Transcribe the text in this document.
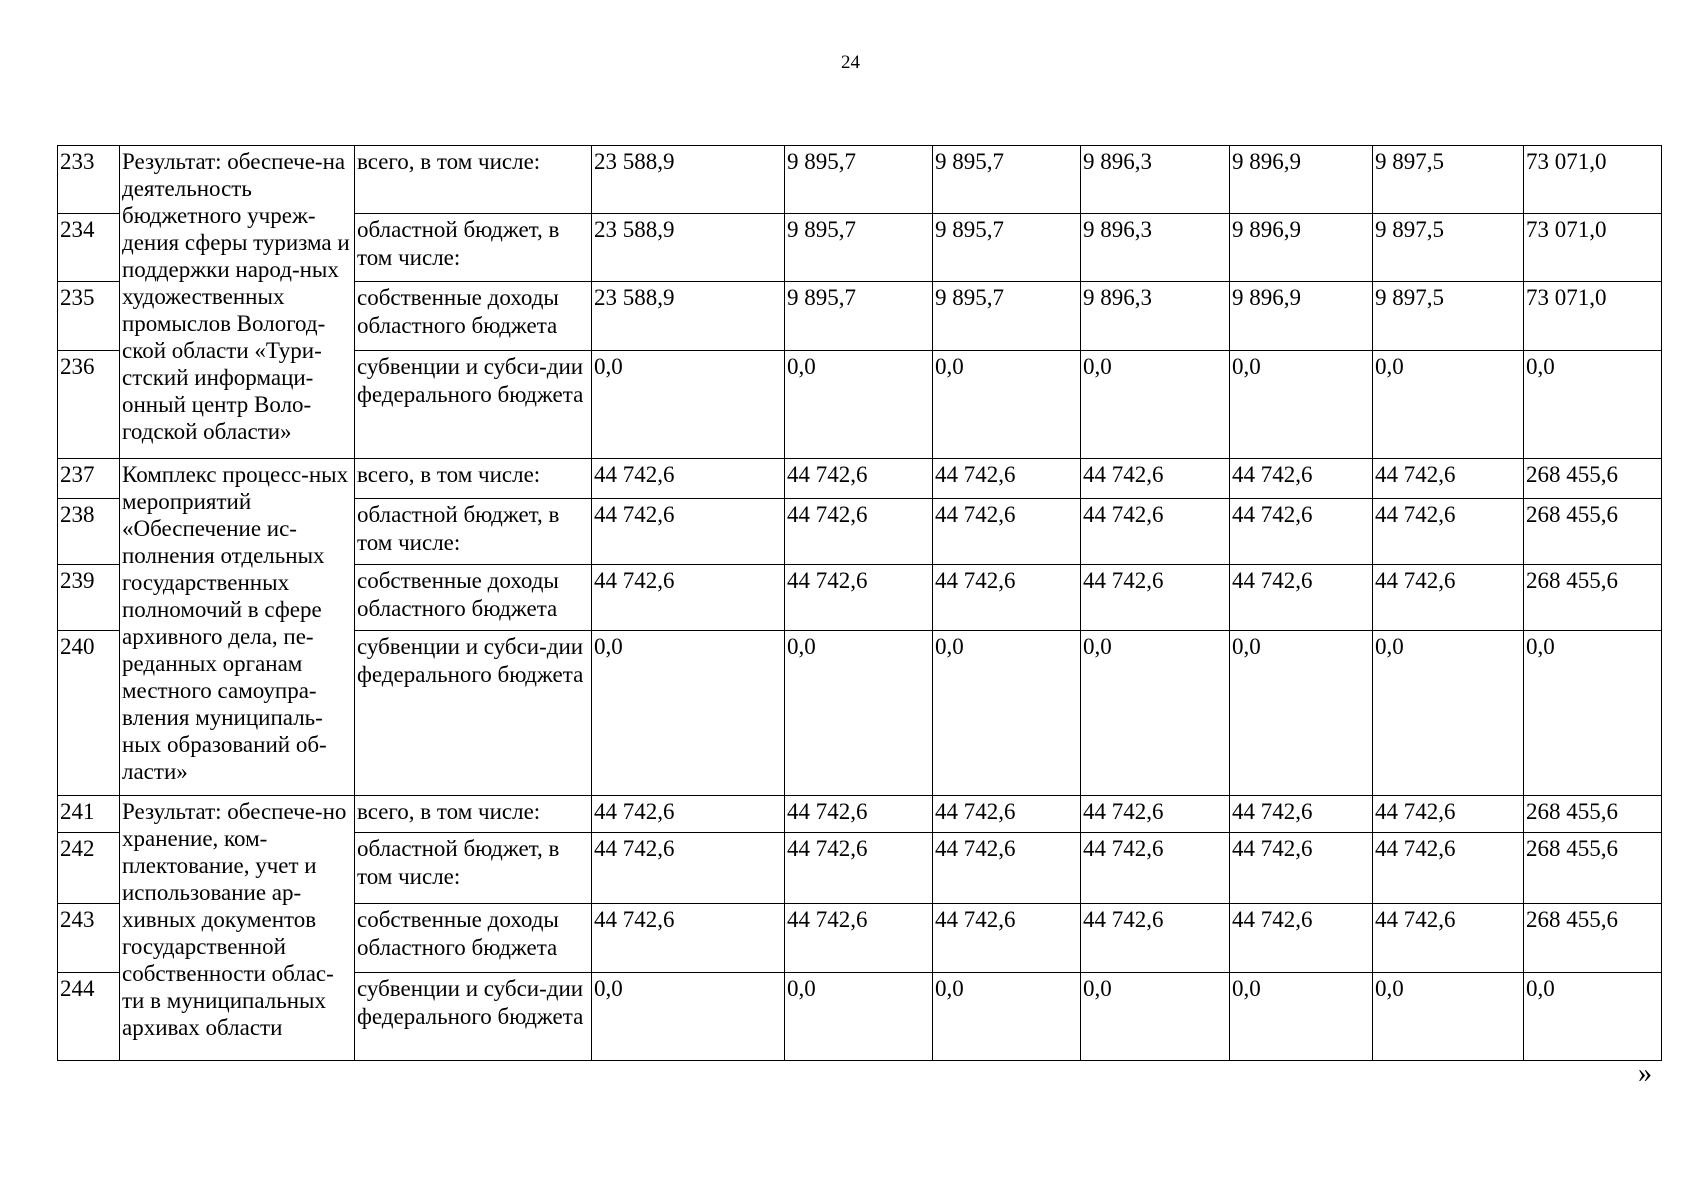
24
233	Результат: обеспече-на деятельность бюджетного учреж-дения сферы туризма и поддержки народ-ных художественных промыслов Вологод-ской области «Тури-стский информаци-онный центр Воло-годской области»	всего, в том числе:	23 588,9	9 895,7	9 895,7	9 896,3	9 896,9	9 897,5	73 071,0
234		областной бюджет, в том числе:	23 588,9	9 895,7	9 895,7	9 896,3	9 896,9	9 897,5	73 071,0
235		собственные доходы областного бюджета	23 588,9	9 895,7	9 895,7	9 896,3	9 896,9	9 897,5	73 071,0
236		субвенции и субси-дии федерального бюджета	0,0	0,0	0,0	0,0	0,0	0,0	0,0
237	Комплекс процесс-ных мероприятий «Обеспечение ис-полнения отдельных государственных полномочий в сфере архивного дела, пе-реданных органам местного самоупра-вления муниципаль-ных образований об-ласти»	всего, в том числе:	44 742,6	44 742,6	44 742,6	44 742,6	44 742,6	44 742,6	268 455,6
238		областной бюджет, в том числе:	44 742,6	44 742,6	44 742,6	44 742,6	44 742,6	44 742,6	268 455,6
239		собственные доходы областного бюджета	44 742,6	44 742,6	44 742,6	44 742,6	44 742,6	44 742,6	268 455,6
240		субвенции и субси-дии федерального бюджета	0,0	0,0	0,0	0,0	0,0	0,0	0,0
241	Результат: обеспече-но хранение, ком-плектование, учет и использование ар-хивных документов государственной собственности облас-ти в муниципальных архивах области	всего, в том числе:	44 742,6	44 742,6	44 742,6	44 742,6	44 742,6	44 742,6	268 455,6
242		областной бюджет, в том числе:	44 742,6	44 742,6	44 742,6	44 742,6	44 742,6	44 742,6	268 455,6
243		собственные доходы областного бюджета	44 742,6	44 742,6	44 742,6	44 742,6	44 742,6	44 742,6	268 455,6
244		субвенции и субси-дии федерального бюджета	0,0	0,0	0,0	0,0	0,0	0,0	0,0
»
